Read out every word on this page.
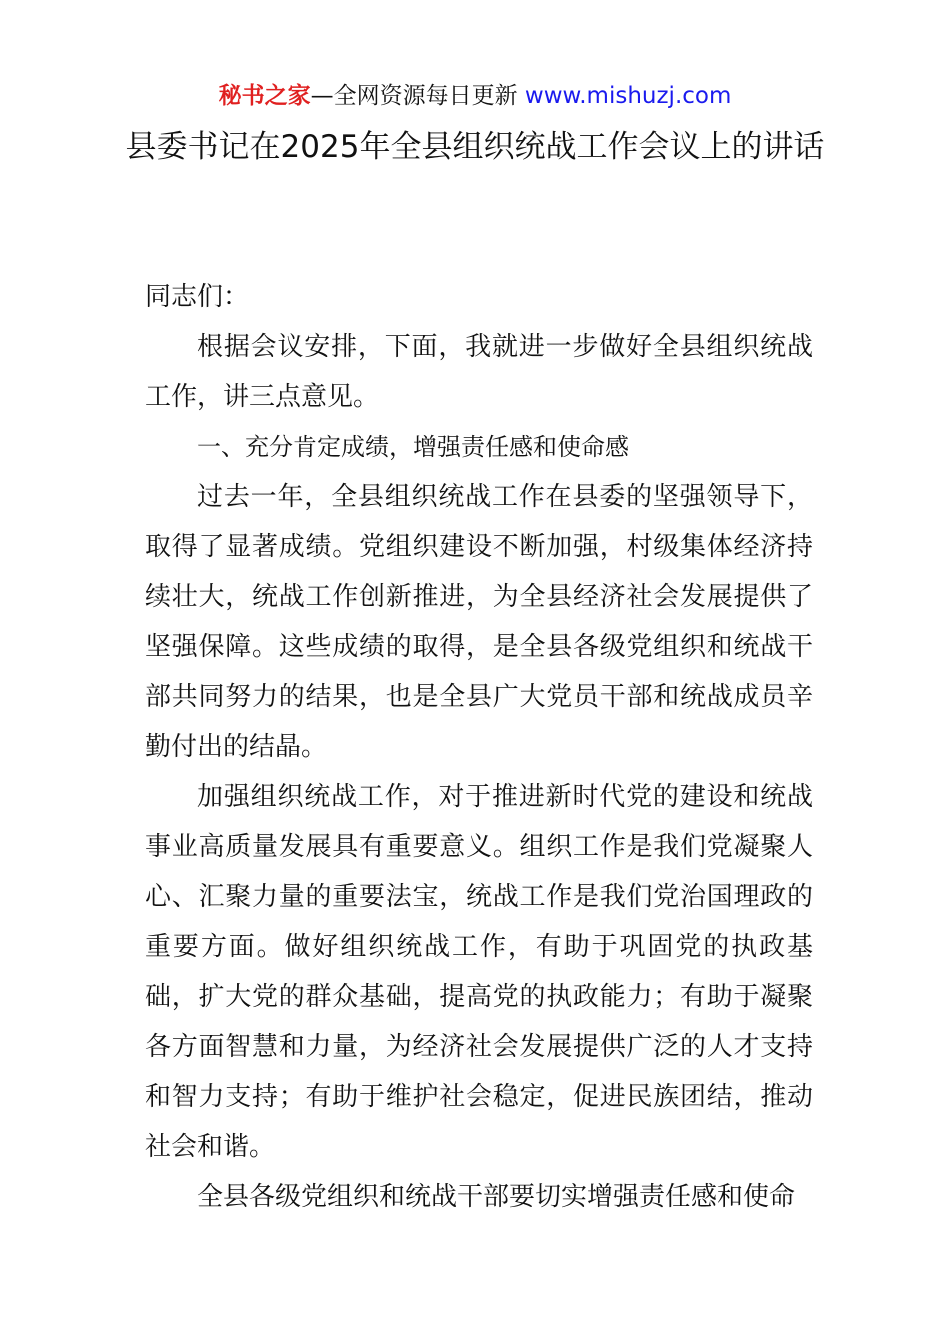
秘书之家—全网资源每日更新 www.mishuzj.com
县委书记在2025年全县组织统战工作会议上的讲话

同志们：

根据会议安排，下面，我就进一步做好全县组织统战工作，讲三点意见。

一、充分肯定成绩，增强责任感和使命感

过去一年，全县组织统战工作在县委的坚强领导下，取得了显著成绩。党组织建设不断加强，村级集体经济持续壮大，统战工作创新推进，为全县经济社会发展提供了坚强保障。这些成绩的取得，是全县各级党组织和统战干部共同努力的结果，也是全县广大党员干部和统战成员辛勤付出的结晶。

加强组织统战工作，对于推进新时代党的建设和统战事业高质量发展具有重要意义。组织工作是我们党凝聚人心、汇聚力量的重要法宝，统战工作是我们党治国理政的重要方面。做好组织统战工作，有助于巩固党的执政基础，扩大党的群众基础，提高党的执政能力；有助于凝聚各方面智慧和力量，为经济社会发展提供广泛的人才支持和智力支持；有助于维护社会稳定，促进民族团结，推动社会和谐。

全县各级党组织和统战干部要切实增强责任感和使命
